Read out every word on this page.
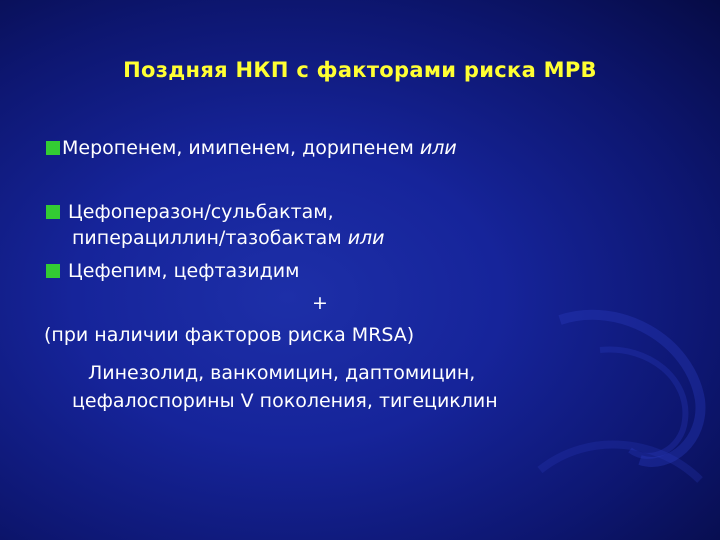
Поздняя НКП с факторами риска МРВ
Меропенем, имипенем, дорипенем или
Цефоперазон/сульбактам,
пиперациллин/тазобактам или
Цефепим, цефтазидим
+
(при наличии факторов риска MRSA)
Линезолид, ванкомицин, даптомицин,
цефалоспорины V поколения, тигециклин
